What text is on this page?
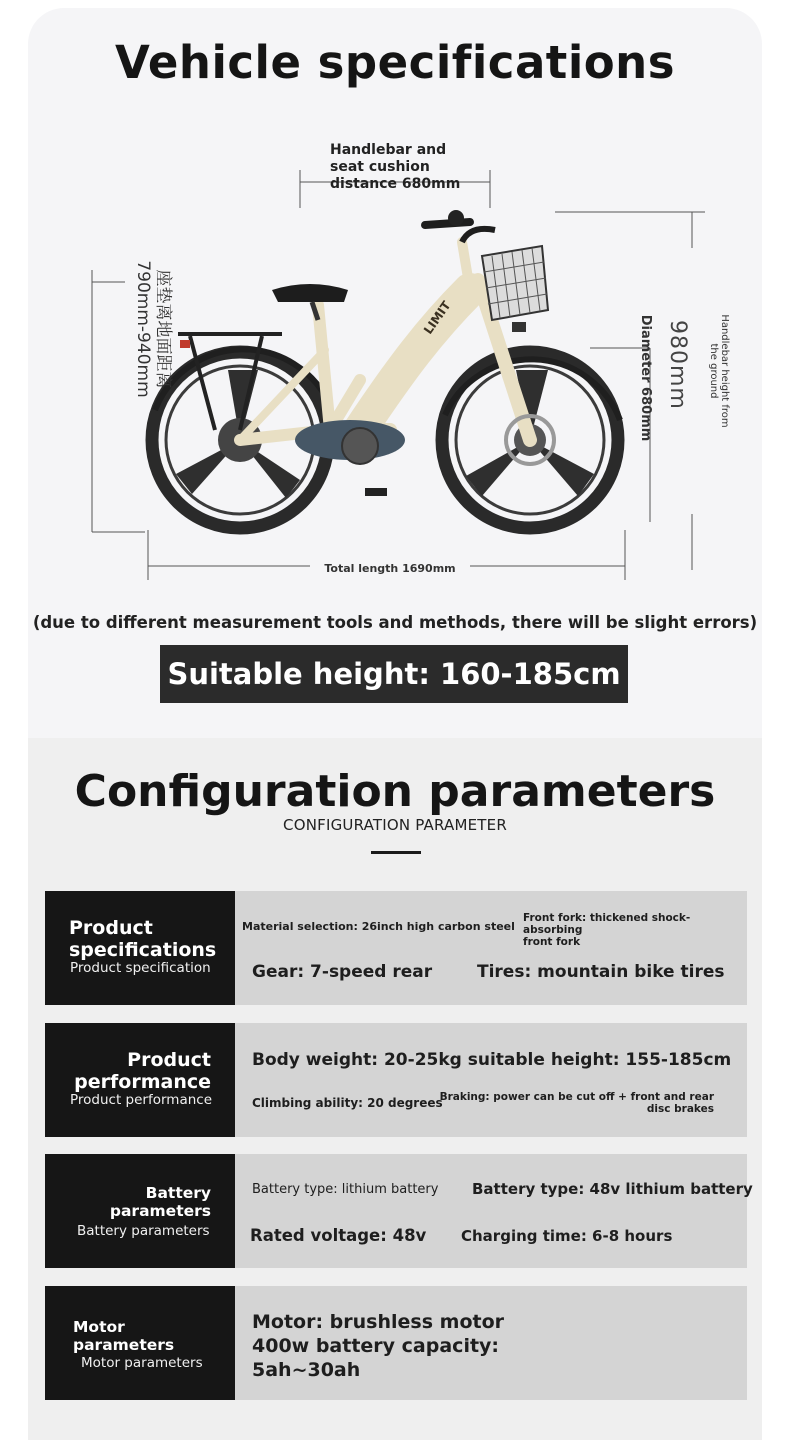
Vehicle specifications
LIMIT
Handlebar and
seat cushion
distance 680mm
Total length 1690mm
座垫离地面距离
790mm-940mm	Diameter 680mm	Handlebar height from
the ground
980mm

(due to different measurement tools and methods, there will be slight errors)

Suitable height: 160-185cm
Configuration parameters
CONFIGURATION PARAMETER
Product
specifications
Product specification
Material selection: 26inch high carbon steel
Front fork: thickened shock-absorbing
front fork
Gear: 7-speed rear	Tires: mountain bike tires
Product
performance
Product performance
Body weight: 20-25kg suitable height: 155-185cm
Climbing ability: 20 degrees
Braking: power can be cut off + front and rear
disc brakes
Battery
parameters
Battery parameters
Battery type: lithium battery Battery type: 48v lithium battery
Rated voltage: 48v Charging time: 6-8 hours
Motor
parameters
Motor parameters
Motor: brushless motor
400w battery capacity:
5ah~30ah
